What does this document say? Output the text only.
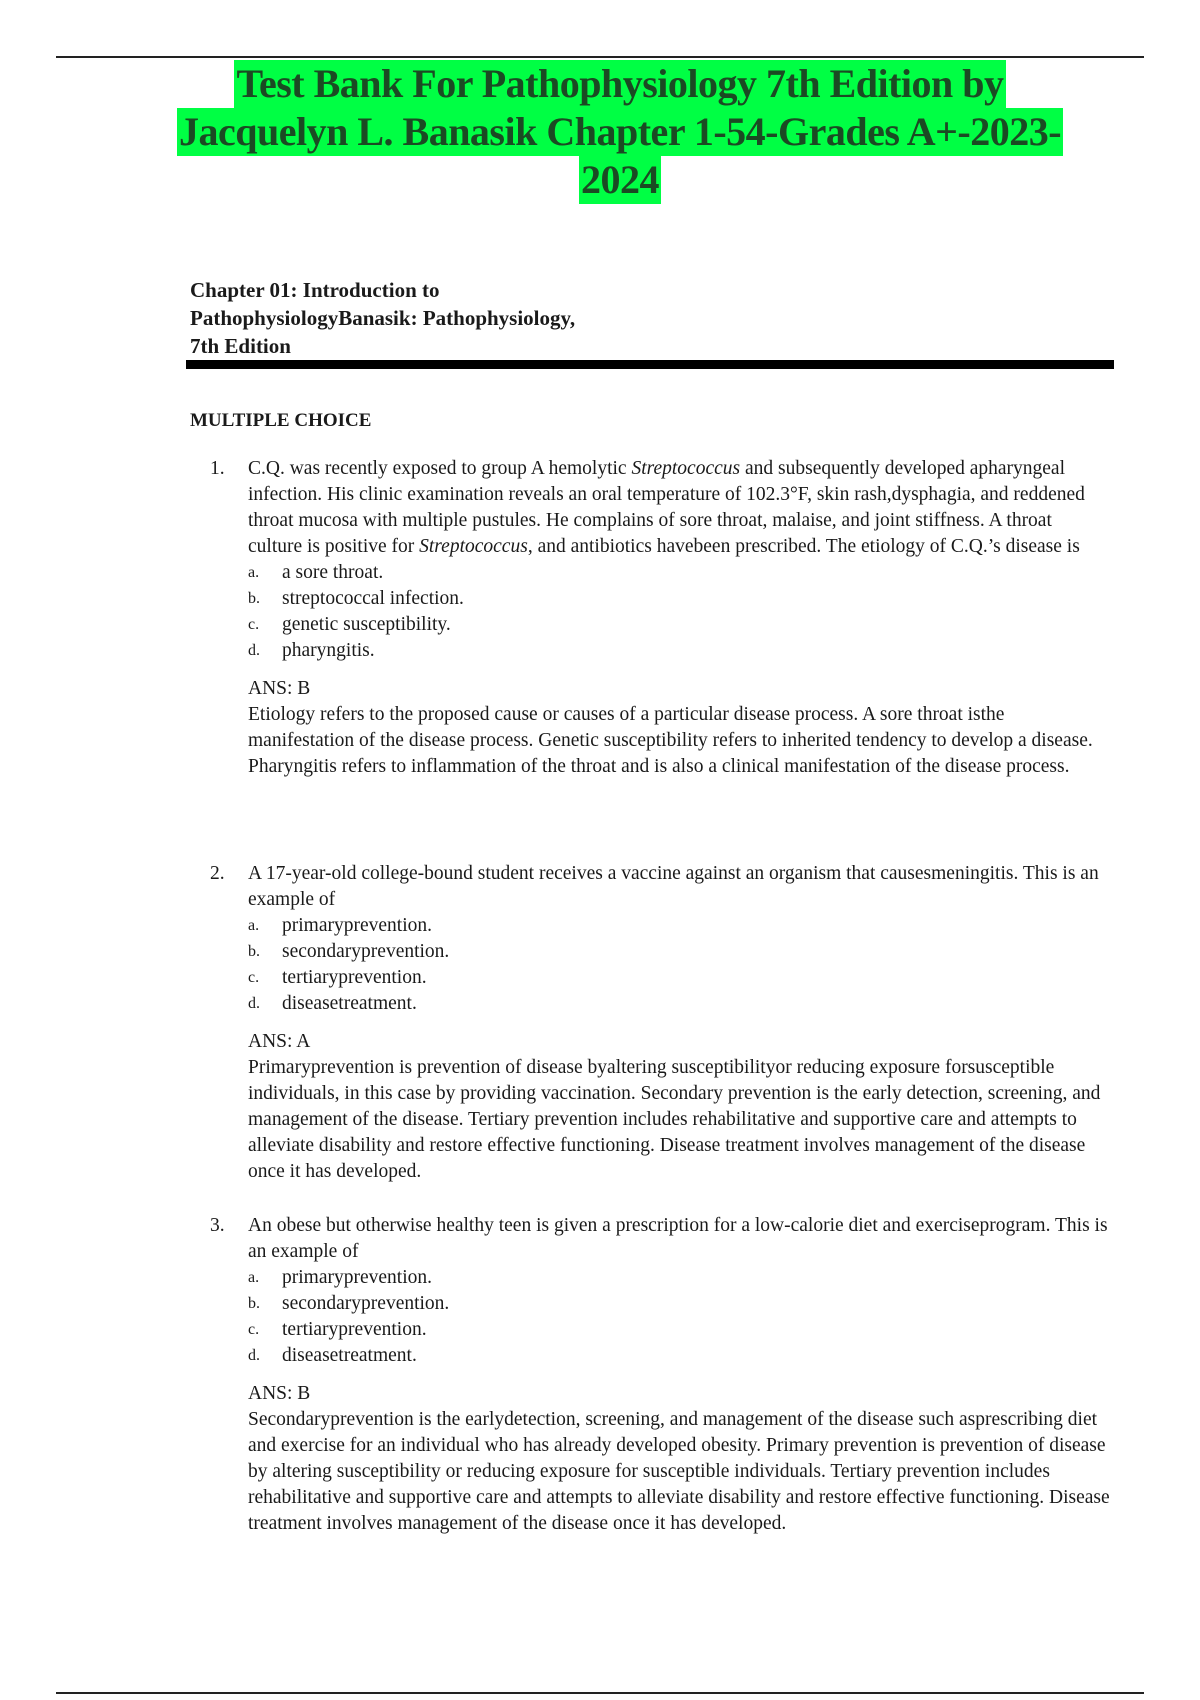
Test Bank For Pathophysiology 7th Edition by
Jacquelyn L. Banasik Chapter 1-54-Grades A+-2023-
2024
Chapter 01: Introduction to
PathophysiologyBanasik: Pathophysiology,
7th Edition
MULTIPLE CHOICE
1.	C.Q. was recently exposed to group A hemolytic Streptococcus and subsequently developed apharyngeal infection. His clinic examination reveals an oral temperature of 102.3°F, skin rash,dysphagia, and reddened throat mucosa with multiple pustules. He complains of sore throat, malaise, and joint stiffness. A throat culture is positive for Streptococcus, and antibiotics havebeen prescribed. The etiology of C.Q.’s disease is
a.	a sore throat.
b.	streptococcal infection.
c.	genetic susceptibility.
d.	pharyngitis.
ANS: B
Etiology refers to the proposed cause or causes of a particular disease process. A sore throat isthe manifestation of the disease process. Genetic susceptibility refers to inherited tendency to develop a disease. Pharyngitis refers to inflammation of the throat and is also a clinical manifestation of the disease process.
2.	A 17-year-old college-bound student receives a vaccine against an organism that causesmeningitis. This is an example of
a.	primaryprevention.
b.	secondaryprevention.
c.	tertiaryprevention.
d.	diseasetreatment.
ANS: A
Primaryprevention is prevention of disease byaltering susceptibilityor reducing exposure forsusceptible individuals, in this case by providing vaccination. Secondary prevention is the early detection, screening, and management of the disease. Tertiary prevention includes rehabilitative and supportive care and attempts to alleviate disability and restore effective functioning. Disease treatment involves management of the disease once it has developed.
3.	An obese but otherwise healthy teen is given a prescription for a low-calorie diet and exerciseprogram. This is an example of
a.	primaryprevention.
b.	secondaryprevention.
c.	tertiaryprevention.
d.	diseasetreatment.
ANS: B
Secondaryprevention is the earlydetection, screening, and management of the disease such asprescribing diet and exercise for an individual who has already developed obesity. Primary prevention is prevention of disease by altering susceptibility or reducing exposure for susceptible individuals. Tertiary prevention includes rehabilitative and supportive care and attempts to alleviate disability and restore effective functioning. Disease treatment involves management of the disease once it has developed.
